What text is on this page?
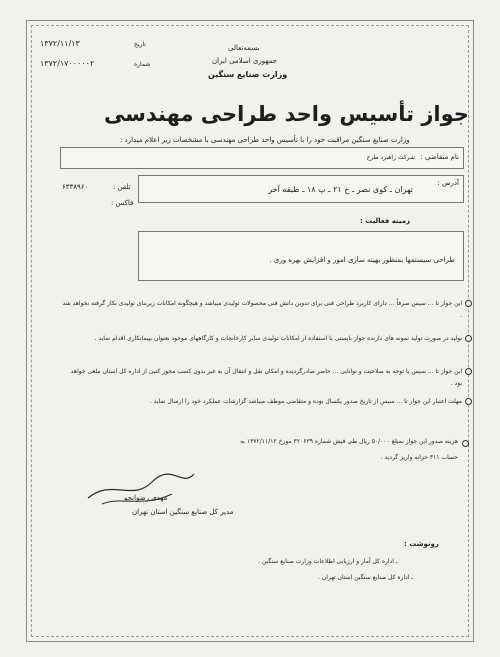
۱۳۷۲/۱۱/۱۳	تاریخ
۱۳۷۲/۱۷۰۰۰۰۰۲	شماره
بسمه‌تعالی
جمهوری اسلامی ایران
وزارت صنایع سنگین
جواز تأسیس واحد طراحی مهندسی
وزارت صنایع سنگین مراقبت خود را با تأسیس واحد طراحی مهندسی با مشخصات زیر اعلام میدارد :
نام متقاضی :
شرکت راهبرد طرح
تلفن :
۶۳۳۸۹۶۰
فاکس :
آدرس :
تهران ـ کوی نصر ـ خ ۲۱ ـ پ ۱۸ ـ طبقه آخر
زمینه فعالیت :
طراحی سیستمها بمنظور بهینه سازی امور و افزایش بهره وری .
این جواز تا ... سیس صرفاً ... دارای کاربرد طراحی فنی برای تدوین دانش فنی محصولات تولیدی میباشد و هیچگونه امکانات زیربنای تولیدی بکار گرفته نخواهد شد .
تولید در صورت تولید نمونه های دارنده جواز بایستی با استفاده از امکانات تولیدی سایر کارخانجات و کارگاههای موجود بعنوان بپیمانکاری اقدام نماید .
این جواز تا ... سیس با توجه به صلاحیت و توانایی ... حاضر صادرگردیده و امکان نقل و انتقال آن به غیر بدون کسب مجوز کتبی از اداره کل استان ملغی خواهد بود .
مهلت اعتبار این جواز تا ... سیس از تاریخ صدور یکسال بوده و متقاضی موظف میباشد گزارشات عملکرد خود را ارسال نماید .
هزینه صدور این جواز بمبلغ ۵۰/۰۰۰ ریال طی فیش شماره ۳۲۰۶۳۹ مورخ ۱۳۷۲/۱۱/۱۲ به
حساب ۳۱۱ خزانه واریز گردید .
مهدی رضوانجو
مدیر کل صنایع سنگین استان تهران
رونوشت :
ـ اداره کل آمار و ارزیابی اطلاعات وزارت صنایع سنگین .
ـ اداره کل صنایع سنگین استان تهران .
